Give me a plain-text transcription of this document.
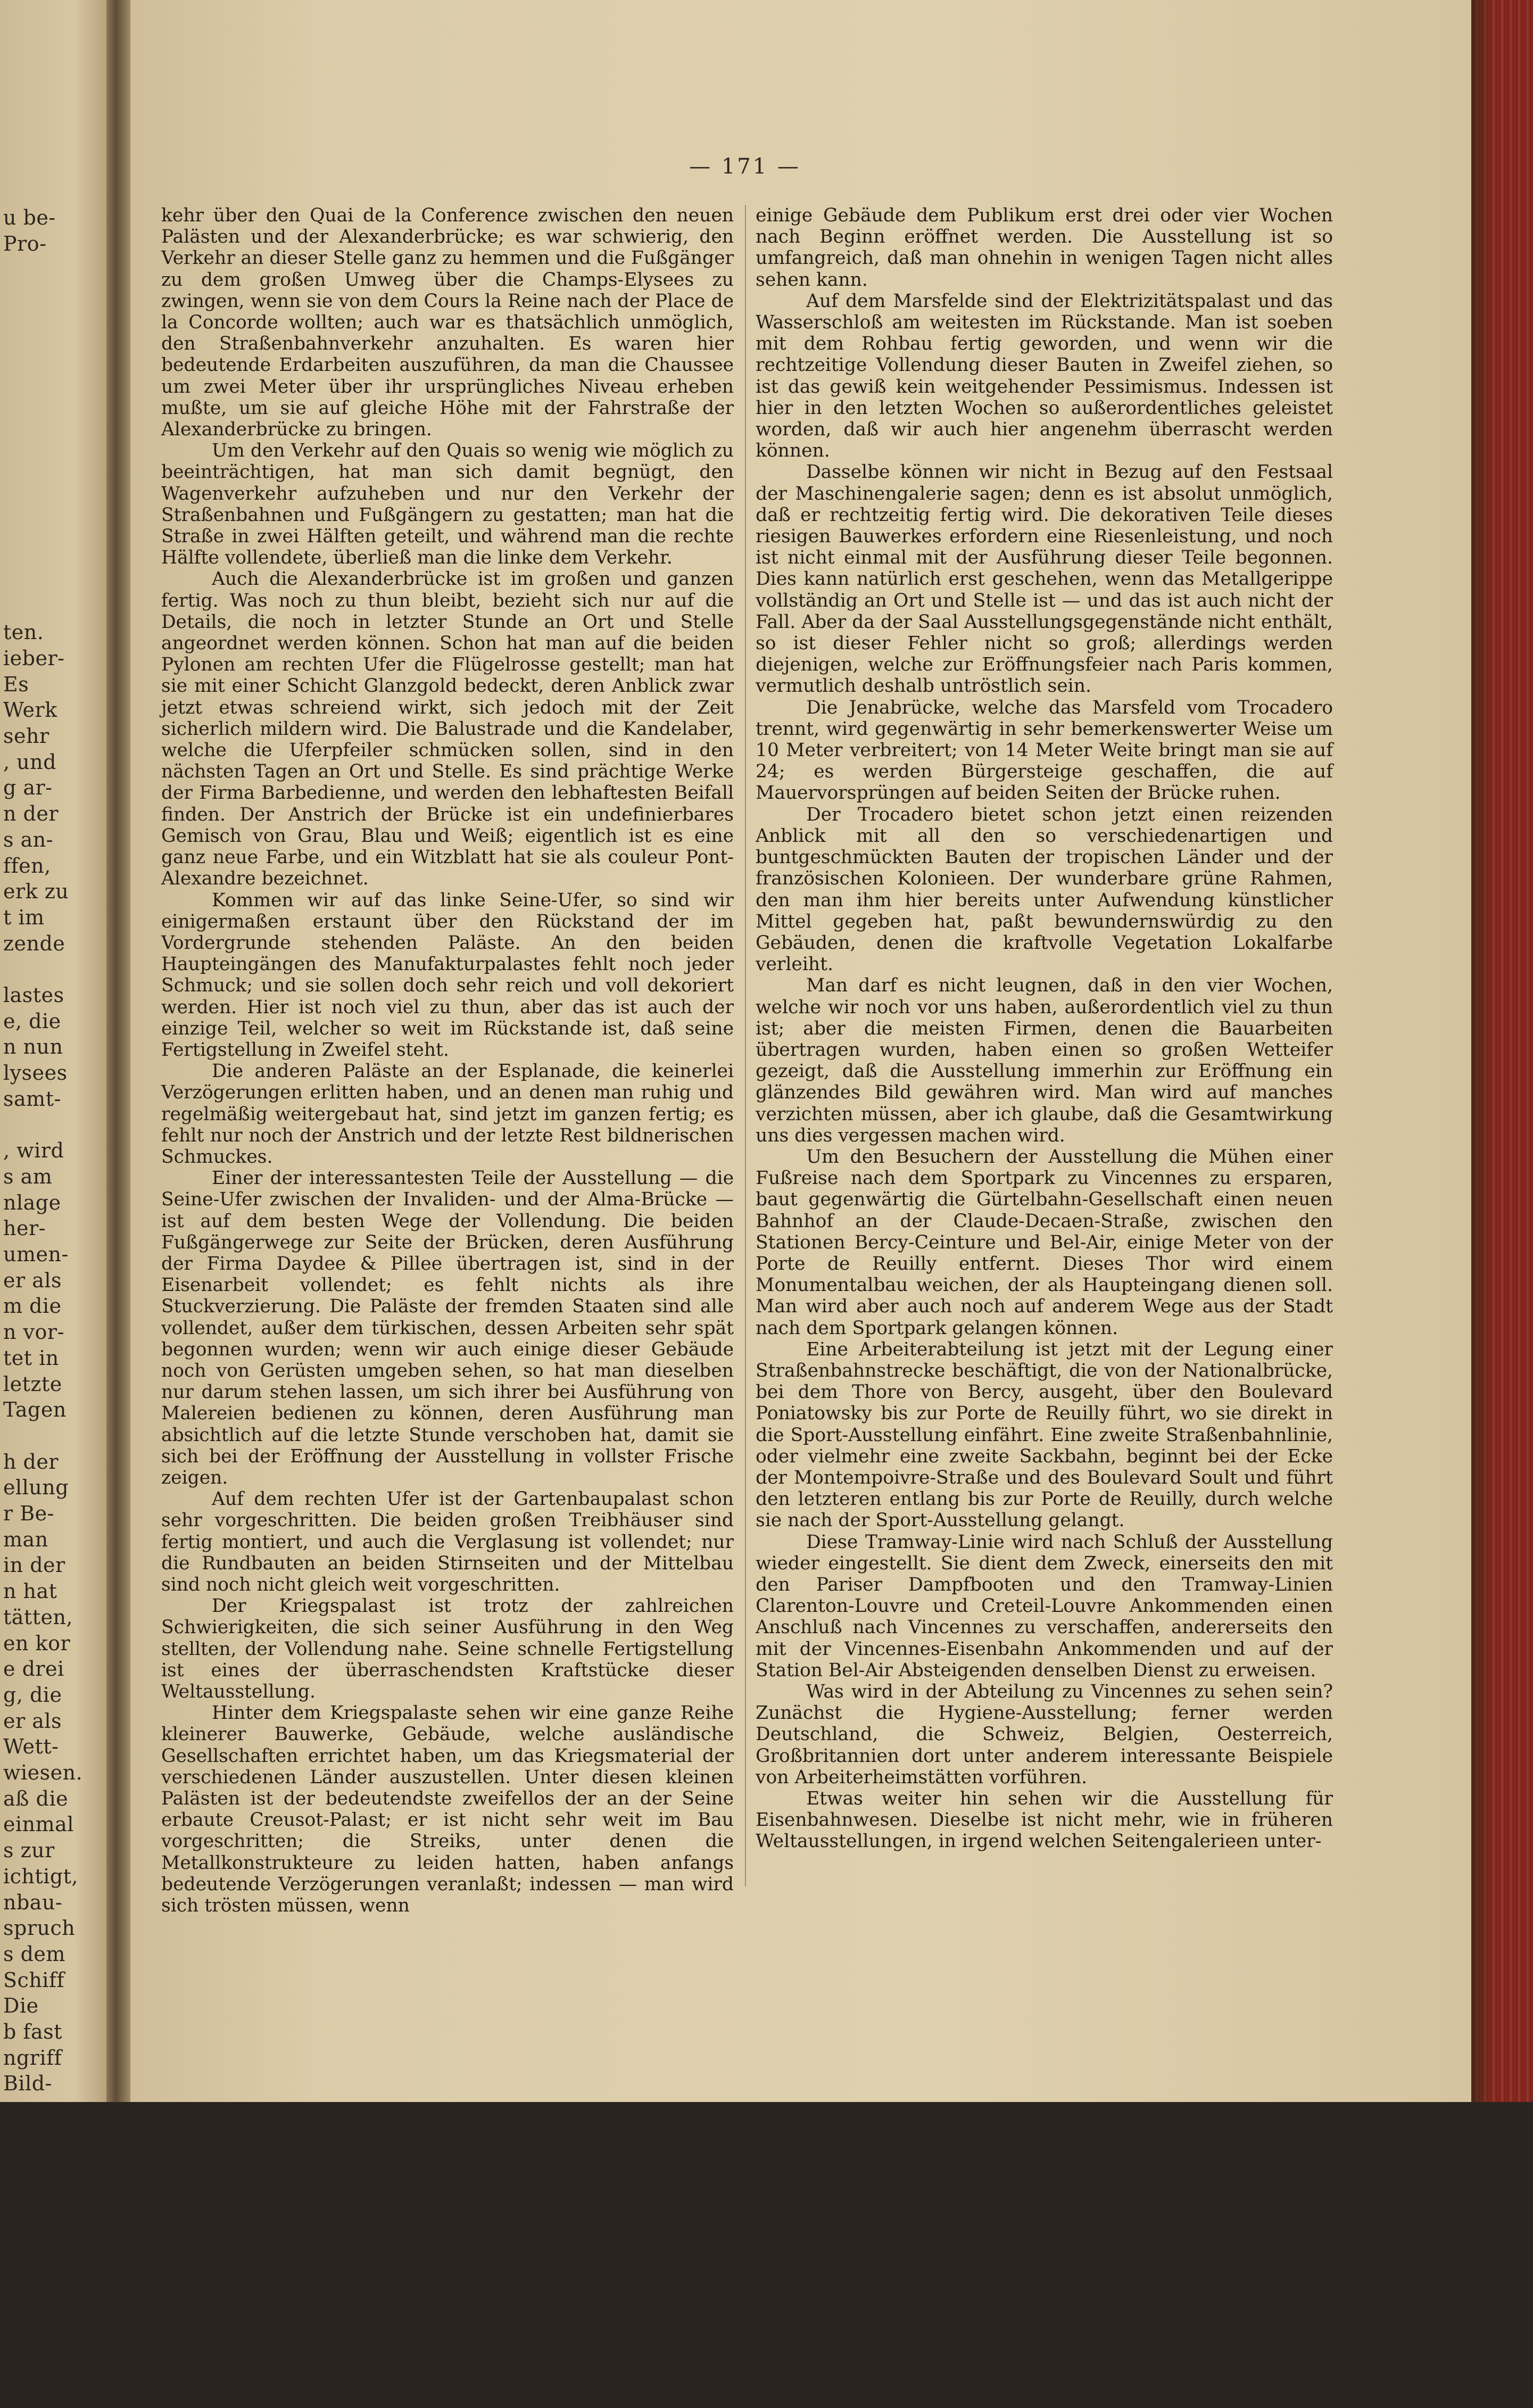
u be-
Pro-
ten.
ieber-
Es
Werk
sehr
, und
g ar-
n der
s an-
ffen,
erk zu
t im
zende
lastes
e, die
n nun
lysees
samt-
, wird
s am
nlage
her-
umen-
er als
m die
n vor-
tet in
letzte
Tagen
h der
ellung
r Be-
man
in der
n hat
tätten,
en kor
e drei
g, die
er als
Wett-
wiesen.
aß die
einmal
s zur
ichtigt,
nbau-
spruch
s dem
Schiff
Die
b fast
ngriff
Bild-
sehen
Wochen
außer
g. Die
n mit
n das
bären,
le; die
he die
r Ber-
— 171 —

kehr über den Quai de la Conference zwischen den neuen Palästen und der Alexanderbrücke; es war schwierig, den Verkehr an dieser Stelle ganz zu hemmen und die Fußgänger zu dem großen Umweg über die Champs-Elysees zu zwingen, wenn sie von dem Cours la Reine nach der Place de la Concorde wollten; auch war es thatsächlich unmöglich, den Straßenbahnverkehr anzuhalten. Es waren hier bedeutende Erdarbeiten auszuführen, da man die Chaussee um zwei Meter über ihr ursprüngliches Niveau erheben mußte, um sie auf gleiche Höhe mit der Fahrstraße der Alexanderbrücke zu bringen.

Um den Verkehr auf den Quais so wenig wie möglich zu beeinträchtigen, hat man sich damit begnügt, den Wagenverkehr aufzuheben und nur den Verkehr der Straßenbahnen und Fußgängern zu gestatten; man hat die Straße in zwei Hälften geteilt, und während man die rechte Hälfte vollendete, überließ man die linke dem Verkehr.

Auch die Alexanderbrücke ist im großen und ganzen fertig. Was noch zu thun bleibt, bezieht sich nur auf die Details, die noch in letzter Stunde an Ort und Stelle angeordnet werden können. Schon hat man auf die beiden Pylonen am rechten Ufer die Flügelrosse gestellt; man hat sie mit einer Schicht Glanzgold bedeckt, deren Anblick zwar jetzt etwas schreiend wirkt, sich jedoch mit der Zeit sicherlich mildern wird. Die Balustrade und die Kandelaber, welche die Uferpfeiler schmücken sollen, sind in den nächsten Tagen an Ort und Stelle. Es sind prächtige Werke der Firma Barbedienne, und werden den lebhaftesten Beifall finden. Der Anstrich der Brücke ist ein undefinierbares Gemisch von Grau, Blau und Weiß; eigentlich ist es eine ganz neue Farbe, und ein Witzblatt hat sie als couleur Pont-Alexandre bezeichnet.

Kommen wir auf das linke Seine-Ufer, so sind wir einigermaßen erstaunt über den Rückstand der im Vordergrunde stehenden Paläste. An den beiden Haupteingängen des Manufakturpalastes fehlt noch jeder Schmuck; und sie sollen doch sehr reich und voll dekoriert werden. Hier ist noch viel zu thun, aber das ist auch der einzige Teil, welcher so weit im Rückstande ist, daß seine Fertigstellung in Zweifel steht.

Die anderen Paläste an der Esplanade, die keinerlei Verzögerungen erlitten haben, und an denen man ruhig und regelmäßig weitergebaut hat, sind jetzt im ganzen fertig; es fehlt nur noch der Anstrich und der letzte Rest bildnerischen Schmuckes.

Einer der interessantesten Teile der Ausstellung — die Seine-Ufer zwischen der Invaliden- und der Alma-Brücke — ist auf dem besten Wege der Vollendung. Die beiden Fußgängerwege zur Seite der Brücken, deren Ausführung der Firma Daydee & Pillee übertragen ist, sind in der Eisenarbeit vollendet; es fehlt nichts als ihre Stuckverzierung. Die Paläste der fremden Staaten sind alle vollendet, außer dem türkischen, dessen Arbeiten sehr spät begonnen wurden; wenn wir auch einige dieser Gebäude noch von Gerüsten umgeben sehen, so hat man dieselben nur darum stehen lassen, um sich ihrer bei Ausführung von Malereien bedienen zu können, deren Ausführung man absichtlich auf die letzte Stunde verschoben hat, damit sie sich bei der Eröffnung der Ausstellung in vollster Frische zeigen.

Auf dem rechten Ufer ist der Gartenbaupalast schon sehr vorgeschritten. Die beiden großen Treibhäuser sind fertig montiert, und auch die Verglasung ist vollendet; nur die Rundbauten an beiden Stirnseiten und der Mittelbau sind noch nicht gleich weit vorgeschritten.

Der Kriegspalast ist trotz der zahlreichen Schwierigkeiten, die sich seiner Ausführung in den Weg stellten, der Vollendung nahe. Seine schnelle Fertigstellung ist eines der überraschendsten Kraftstücke dieser Weltausstellung.

Hinter dem Kriegspalaste sehen wir eine ganze Reihe kleinerer Bauwerke, Gebäude, welche ausländische Gesellschaften errichtet haben, um das Kriegsmaterial der verschiedenen Länder auszustellen. Unter diesen kleinen Palästen ist der bedeutendste zweifellos der an der Seine erbaute Creusot-Palast; er ist nicht sehr weit im Bau vorgeschritten; die Streiks, unter denen die Metallkonstrukteure zu leiden hatten, haben anfangs bedeutende Verzögerungen veranlaßt; indessen — man wird sich trösten müssen, wenn

einige Gebäude dem Publikum erst drei oder vier Wochen nach Beginn eröffnet werden. Die Ausstellung ist so umfangreich, daß man ohnehin in wenigen Tagen nicht alles sehen kann.

Auf dem Marsfelde sind der Elektrizitätspalast und das Wasserschloß am weitesten im Rückstande. Man ist soeben mit dem Rohbau fertig geworden, und wenn wir die rechtzeitige Vollendung dieser Bauten in Zweifel ziehen, so ist das gewiß kein weitgehender Pessimismus. Indessen ist hier in den letzten Wochen so außerordentliches geleistet worden, daß wir auch hier angenehm überrascht werden können.

Dasselbe können wir nicht in Bezug auf den Festsaal der Maschinengalerie sagen; denn es ist absolut unmöglich, daß er rechtzeitig fertig wird. Die dekorativen Teile dieses riesigen Bauwerkes erfordern eine Riesenleistung, und noch ist nicht einmal mit der Ausführung dieser Teile begonnen. Dies kann natürlich erst geschehen, wenn das Metallgerippe vollständig an Ort und Stelle ist — und das ist auch nicht der Fall. Aber da der Saal Ausstellungsgegenstände nicht enthält, so ist dieser Fehler nicht so groß; allerdings werden diejenigen, welche zur Eröffnungsfeier nach Paris kommen, vermutlich deshalb untröstlich sein.

Die Jenabrücke, welche das Marsfeld vom Trocadero trennt, wird gegenwärtig in sehr bemerkenswerter Weise um 10 Meter verbreitert; von 14 Meter Weite bringt man sie auf 24; es werden Bürgersteige geschaffen, die auf Mauervorsprüngen auf beiden Seiten der Brücke ruhen.

Der Trocadero bietet schon jetzt einen reizenden Anblick mit all den so verschiedenartigen und buntgeschmückten Bauten der tropischen Länder und der französischen Kolonieen. Der wunderbare grüne Rahmen, den man ihm hier bereits unter Aufwendung künstlicher Mittel gegeben hat, paßt bewundernswürdig zu den Gebäuden, denen die kraftvolle Vegetation Lokalfarbe verleiht.

Man darf es nicht leugnen, daß in den vier Wochen, welche wir noch vor uns haben, außerordentlich viel zu thun ist; aber die meisten Firmen, denen die Bauarbeiten übertragen wurden, haben einen so großen Wetteifer gezeigt, daß die Ausstellung immerhin zur Eröffnung ein glänzendes Bild gewähren wird. Man wird auf manches verzichten müssen, aber ich glaube, daß die Gesamtwirkung uns dies vergessen machen wird.

Um den Besuchern der Ausstellung die Mühen einer Fußreise nach dem Sportpark zu Vincennes zu ersparen, baut gegenwärtig die Gürtelbahn-Gesellschaft einen neuen Bahnhof an der Claude-Decaen-Straße, zwischen den Stationen Bercy-Ceinture und Bel-Air, einige Meter von der Porte de Reuilly entfernt. Dieses Thor wird einem Monumentalbau weichen, der als Haupteingang dienen soll. Man wird aber auch noch auf anderem Wege aus der Stadt nach dem Sportpark gelangen können.

Eine Arbeiterabteilung ist jetzt mit der Legung einer Straßenbahnstrecke beschäftigt, die von der Nationalbrücke, bei dem Thore von Bercy, ausgeht, über den Boulevard Poniatowsky bis zur Porte de Reuilly führt, wo sie direkt in die Sport-Ausstellung einfährt. Eine zweite Straßenbahnlinie, oder vielmehr eine zweite Sackbahn, beginnt bei der Ecke der Montempoivre-Straße und des Boulevard Soult und führt den letzteren entlang bis zur Porte de Reuilly, durch welche sie nach der Sport-Ausstellung gelangt.

Diese Tramway-Linie wird nach Schluß der Ausstellung wieder eingestellt. Sie dient dem Zweck, einerseits den mit den Pariser Dampfbooten und den Tramway-Linien Clarenton-Louvre und Creteil-Louvre Ankommenden einen Anschluß nach Vincennes zu verschaffen, andererseits den mit der Vincennes-Eisenbahn Ankommenden und auf der Station Bel-Air Absteigenden denselben Dienst zu erweisen.

Was wird in der Abteilung zu Vincennes zu sehen sein? Zunächst die Hygiene-Ausstellung; ferner werden Deutschland, die Schweiz, Belgien, Oesterreich, Großbritannien dort unter anderem interessante Beispiele von Arbeiterheimstätten vorführen.

Etwas weiter hin sehen wir die Ausstellung für Eisenbahnwesen. Dieselbe ist nicht mehr, wie in früheren Weltausstellungen, in irgend welchen Seitengalerieen unter-
